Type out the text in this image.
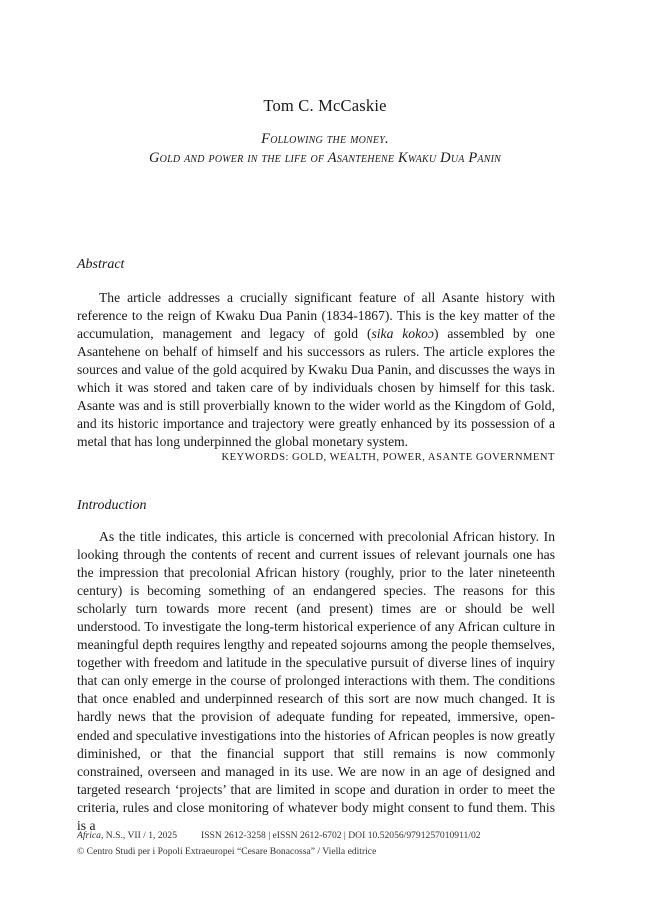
Tom C. McCaskie
Following the money.
Gold and power in the life of Asantehene Kwaku Dua Panin
Abstract

The article addresses a crucially significant feature of all Asante history with reference to the reign of Kwaku Dua Panin (1834-1867). This is the key matter of the accumulation, management and legacy of gold (sika kokoɔ) assembled by one Asantehene on behalf of himself and his successors as rulers. The article explores the sources and value of the gold acquired by Kwaku Dua Panin, and discusses the ways in which it was stored and taken care of by individuals chosen by himself for this task. Asante was and is still proverbially known to the wider world as the Kingdom of Gold, and its historic importance and trajectory were greatly enhanced by its possession of a metal that has long underpinned the global monetary system.

KEYWORDS: GOLD, WEALTH, POWER, ASANTE GOVERNMENT
Introduction

As the title indicates, this article is concerned with precolonial African history. In looking through the contents of recent and current issues of relevant journals one has the impression that precolonial African history (roughly, prior to the later nineteenth century) is becoming something of an endangered species. The reasons for this scholarly turn towards more recent (and present) times are or should be well understood. To investigate the long-term historical experience of any African culture in meaningful depth requires lengthy and repeated sojourns among the people themselves, together with freedom and latitude in the speculative pursuit of diverse lines of inquiry that can only emerge in the course of prolonged interactions with them. The conditions that once enabled and underpinned research of this sort are now much changed. It is hardly news that the provision of adequate funding for repeated, immersive, open-ended and speculative investigations into the histories of African peoples is now greatly diminished, or that the financial support that still remains is now commonly constrained, overseen and managed in its use. We are now in an age of designed and targeted research ‘projects’ that are limited in scope and duration in order to meet the criteria, rules and close monitoring of whatever body might consent to fund them. This is a

Africa, N.S., VII / 1, 2025	ISSN 2612-3258 | eISSN 2612-6702 | DOI 10.52056/9791257010911/02
© Centro Studi per i Popoli Extraeuropei “Cesare Bonacossa” / Viella editrice
